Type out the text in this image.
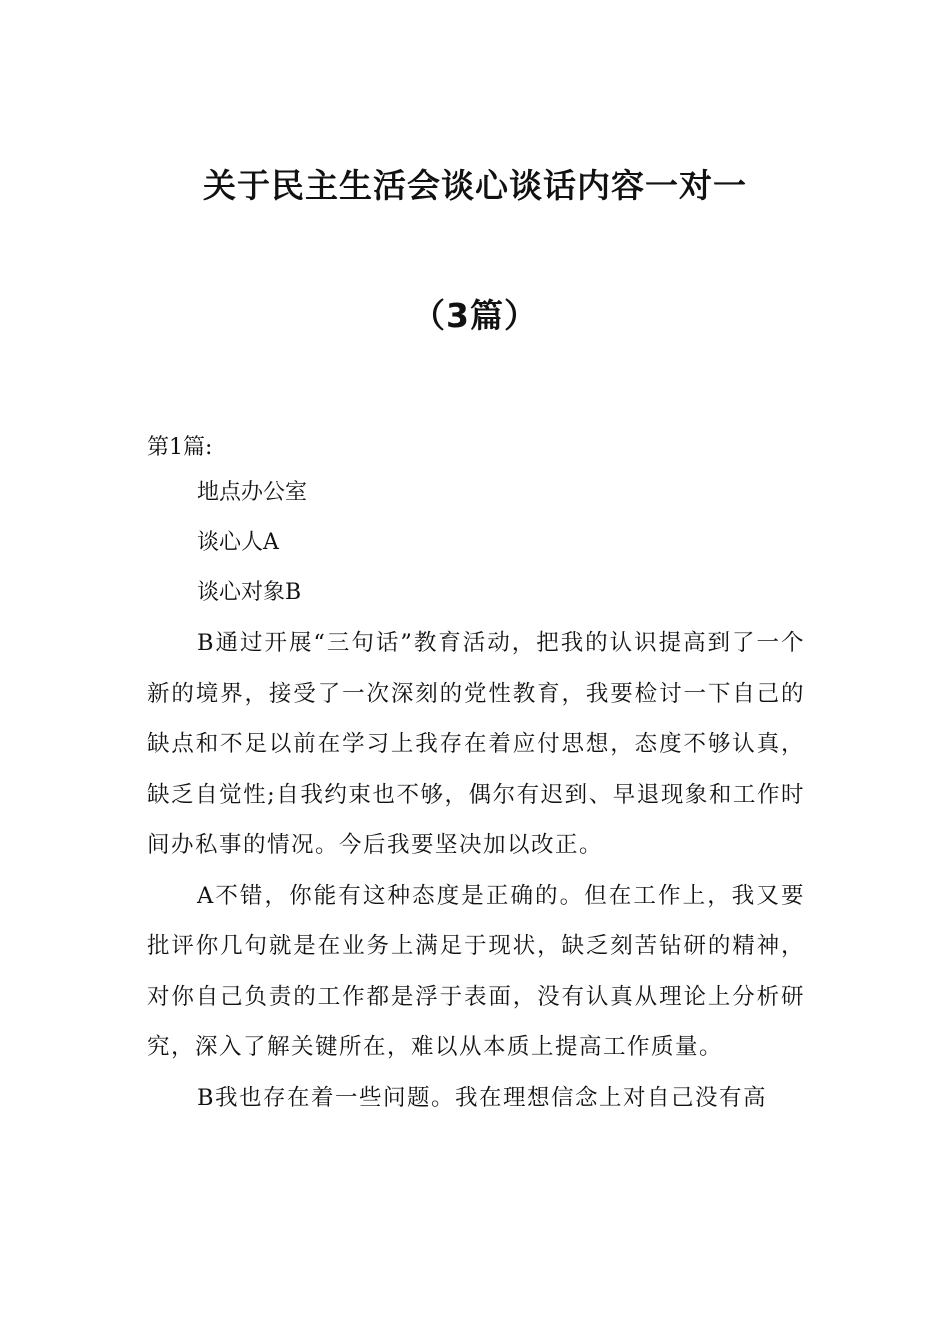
关于民主生活会谈心谈话内容一对一
（3篇）

第1篇:

地点办公室

谈心人A

谈心对象B

B通过开展“三句话”教育活动，把我的认识提高到了一个新的境界，接受了一次深刻的党性教育，我要检讨一下自己的缺点和不足以前在学习上我存在着应付思想，态度不够认真，缺乏自觉性;自我约束也不够，偶尔有迟到、早退现象和工作时间办私事的情况。今后我要坚决加以改正。

A不错，你能有这种态度是正确的。但在工作上，我又要批评你几句就是在业务上满足于现状，缺乏刻苦钻研的精神，对你自己负责的工作都是浮于表面，没有认真从理论上分析研究，深入了解关键所在，难以从本质上提高工作质量。

B我也存在着一些问题。我在理想信念上对自己没有高
